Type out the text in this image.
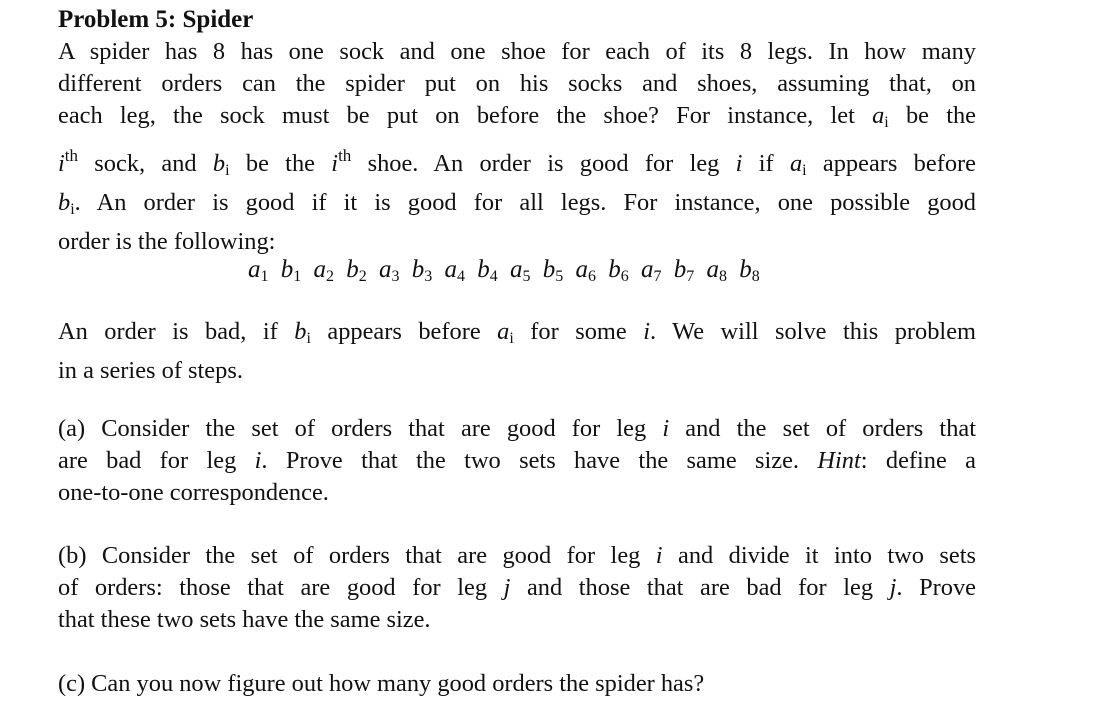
Problem 5: Spider
A spider has 8 has one sock and one shoe for each of its 8 legs. In how many
different orders can the spider put on his socks and shoes, assuming that, on
each leg, the sock must be put on before the shoe? For instance, let $a_i$ be the
$i^{th}$ sock, and $b_i$ be the $i^{th}$ shoe. An order is good for leg i if $a_i$ appears before
$b_i$. An order is good if it is good for all legs. For instance, one possible good
order is the following:
$a_1$ $b_1$ $a_2$ $b_2$ $a_3$ $b_3$ $a_4$ $b_4$ $a_5$ $b_5$ $a_6$ $b_6$ $a_7$ $b_7$ $a_8$ $b_8$
An order is bad, if $b_i$ appears before $a_i$ for some i. We will solve this problem
in a series of steps.
(a) Consider the set of orders that are good for leg i and the set of orders that
are bad for leg i. Prove that the two sets have the same size. Hint: define a
one-to-one correspondence.
(b) Consider the set of orders that are good for leg i and divide it into two sets
of orders: those that are good for leg j and those that are bad for leg j. Prove
that these two sets have the same size.
(c) Can you now figure out how many good orders the spider has?
